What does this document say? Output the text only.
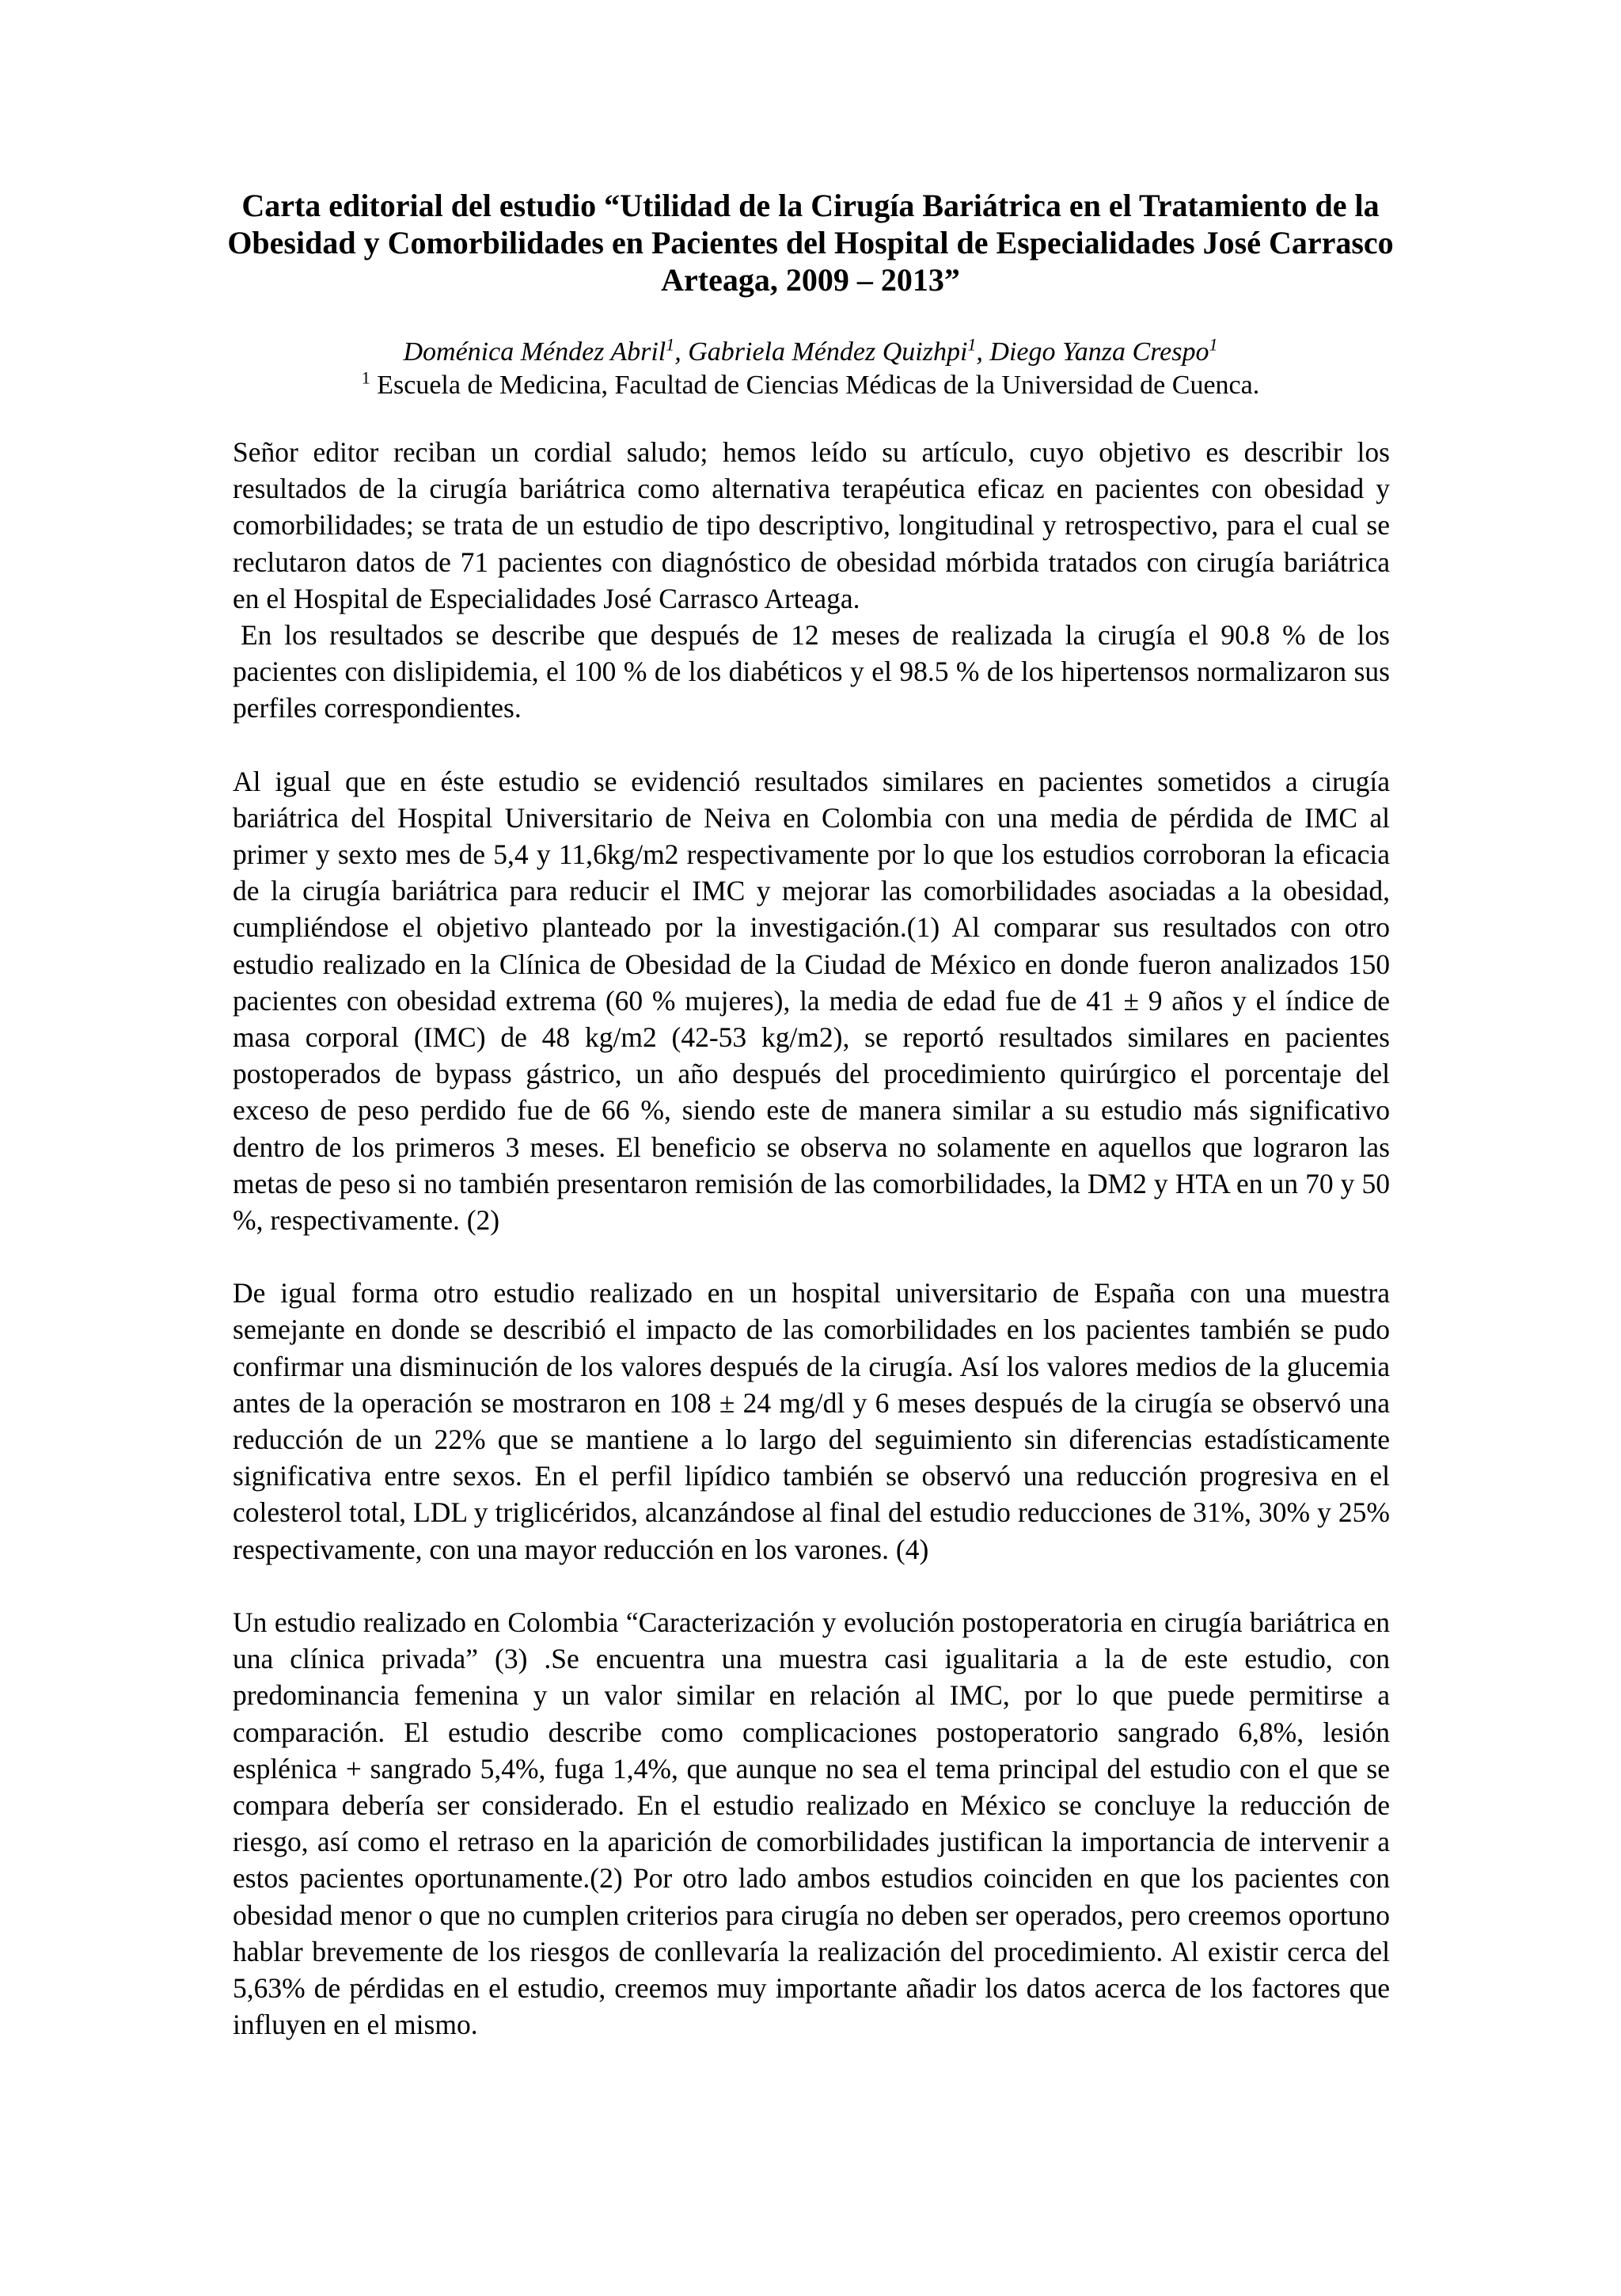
Carta editorial del estudio “Utilidad de la Cirugía Bariátrica en el Tratamiento de la Obesidad y Comorbilidades en Pacientes del Hospital de Especialidades José Carrasco Arteaga, 2009 – 2013”

Doménica Méndez Abril$^1$, Gabriela Méndez Quizhpi$^1$, Diego Yanza Crespo$^1$

$^1$ Escuela de Medicina, Facultad de Ciencias Médicas de la Universidad de Cuenca.

Señor editor reciban un cordial saludo; hemos leído su artículo, cuyo objetivo es describir los resultados de la cirugía bariátrica como alternativa terapéutica eficaz en pacientes con obesidad y comorbilidades; se trata de un estudio de tipo descriptivo, longitudinal y retrospectivo, para el cual se reclutaron datos de 71 pacientes con diagnóstico de obesidad mórbida tratados con cirugía bariátrica en el Hospital de Especialidades José Carrasco Arteaga.

En los resultados se describe que después de 12 meses de realizada la cirugía el 90.8 % de los pacientes con dislipidemia, el 100 % de los diabéticos y el 98.5 % de los hipertensos normalizaron sus perfiles correspondientes.

Al igual que en éste estudio se evidenció resultados similares en pacientes sometidos a cirugía bariátrica del Hospital Universitario de Neiva en Colombia con una media de pérdida de IMC al primer y sexto mes de 5,4 y 11,6kg/m2 respectivamente por lo que los estudios corroboran la eficacia de la cirugía bariátrica para reducir el IMC y mejorar las comorbilidades asociadas a la obesidad, cumpliéndose el objetivo planteado por la investigación.(1) Al comparar sus resultados con otro estudio realizado en la Clínica de Obesidad de la Ciudad de México en donde fueron analizados 150 pacientes con obesidad extrema (60 % mujeres), la media de edad fue de 41 ± 9 años y el índice de masa corporal (IMC) de 48 kg/m2 (42-53 kg/m2), se reportó resultados similares en pacientes postoperados de bypass gástrico, un año después del procedimiento quirúrgico el porcentaje del exceso de peso perdido fue de 66 %, siendo este de manera similar a su estudio más significativo dentro de los primeros 3 meses. El beneficio se observa no solamente en aquellos que lograron las metas de peso si no también presentaron remisión de las comorbilidades, la DM2 y HTA en un 70 y 50 %, respectivamente. (2)

De igual forma otro estudio realizado en un hospital universitario de España con una muestra semejante en donde se describió el impacto de las comorbilidades en los pacientes también se pudo confirmar una disminución de los valores después de la cirugía. Así los valores medios de la glucemia antes de la operación se mostraron en 108 ± 24 mg/dl y 6 meses después de la cirugía se observó una reducción de un 22% que se mantiene a lo largo del seguimiento sin diferencias estadísticamente significativa entre sexos. En el perfil lipídico también se observó una reducción progresiva en el colesterol total, LDL y triglicéridos, alcanzándose al final del estudio reducciones de 31%, 30% y 25% respectivamente, con una mayor reducción en los varones. (4)

Un estudio realizado en Colombia “Caracterización y evolución postoperatoria en cirugía bariátrica en una clínica privada” (3) .Se encuentra una muestra casi igualitaria a la de este estudio, con predominancia femenina y un valor similar en relación al IMC, por lo que puede permitirse a comparación. El estudio describe como complicaciones postoperatorio sangrado 6,8%, lesión esplénica + sangrado 5,4%, fuga 1,4%, que aunque no sea el tema principal del estudio con el que se compara debería ser considerado. En el estudio realizado en México se concluye la reducción de riesgo, así como el retraso en la aparición de comorbilidades justifican la importancia de intervenir a estos pacientes oportunamente.(2) Por otro lado ambos estudios coinciden en que los pacientes con obesidad menor o que no cumplen criterios para cirugía no deben ser operados, pero creemos oportuno hablar brevemente de los riesgos de conllevaría la realización del procedimiento. Al existir cerca del 5,63% de pérdidas en el estudio, creemos muy importante añadir los datos acerca de los factores que influyen en el mismo.
